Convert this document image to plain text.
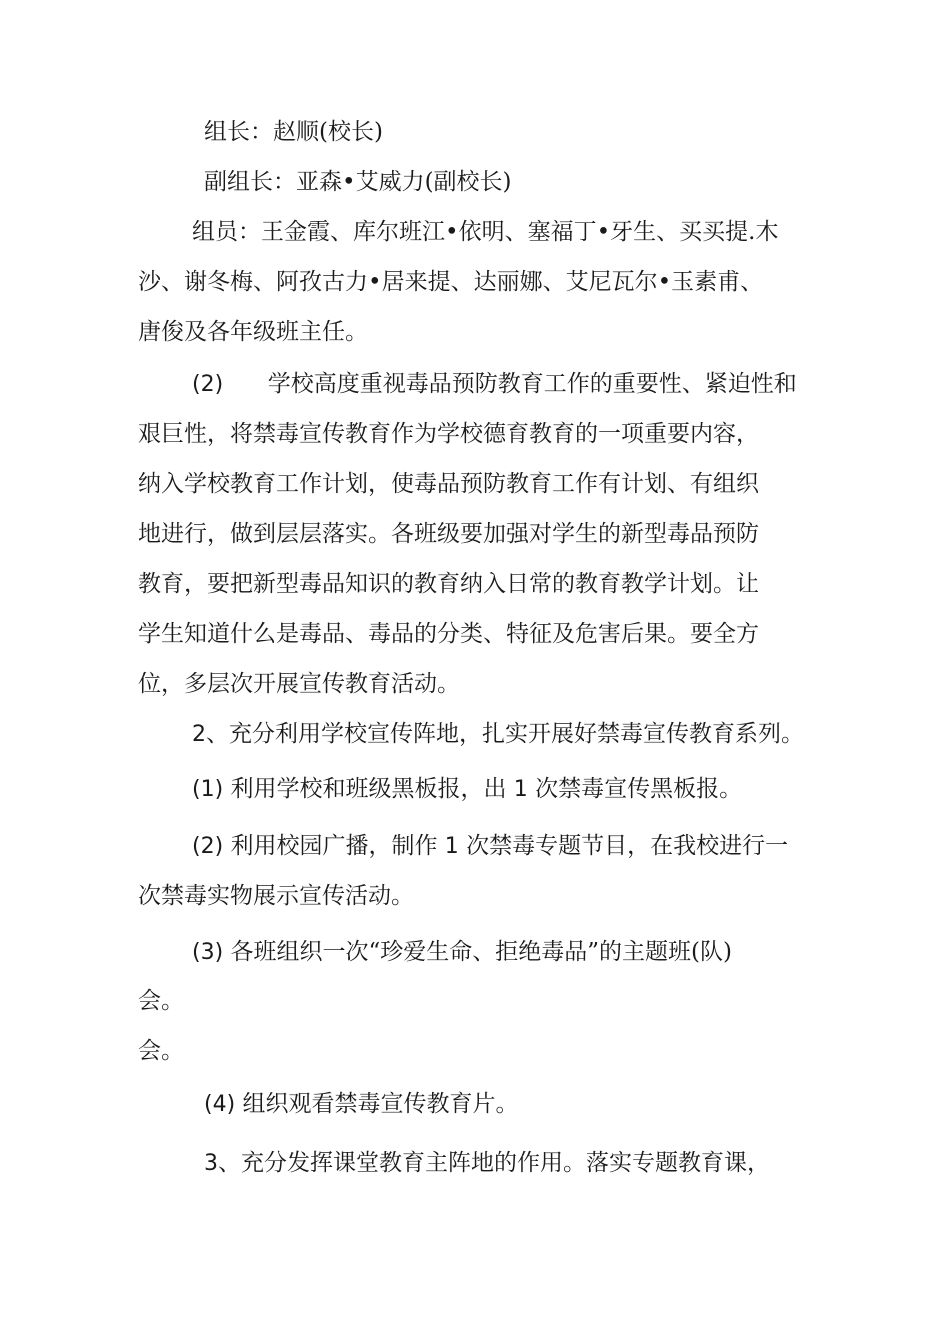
组长：赵顺(校长)
副组长：亚森•艾威力(副校长)
组员：王金霞、库尔班江•依明、塞福丁•牙生、买买提.木
沙、谢冬梅、阿孜古力•居来提、达丽娜、艾尼瓦尔•玉素甫、
唐俊及各年级班主任。
(2) 学校高度重视毒品预防教育工作的重要性、紧迫性和
艰巨性，将禁毒宣传教育作为学校德育教育的一项重要内容，
纳入学校教育工作计划，使毒品预防教育工作有计划、有组织
地进行，做到层层落实。各班级要加强对学生的新型毒品预防
教育，要把新型毒品知识的教育纳入日常的教育教学计划。让
学生知道什么是毒品、毒品的分类、特征及危害后果。要全方
位，多层次开展宣传教育活动。
2、充分利用学校宣传阵地，扎实开展好禁毒宣传教育系列。
(1) 利用学校和班级黑板报，出 1 次禁毒宣传黑板报。
(2) 利用校园广播，制作 1 次禁毒专题节目，在我校进行一
次禁毒实物展示宣传活动。
(3) 各班组织一次“珍爱生命、拒绝毒品”的主题班(队)
会。
会。
(4) 组织观看禁毒宣传教育片。
3、充分发挥课堂教育主阵地的作用。落实专题教育课，
